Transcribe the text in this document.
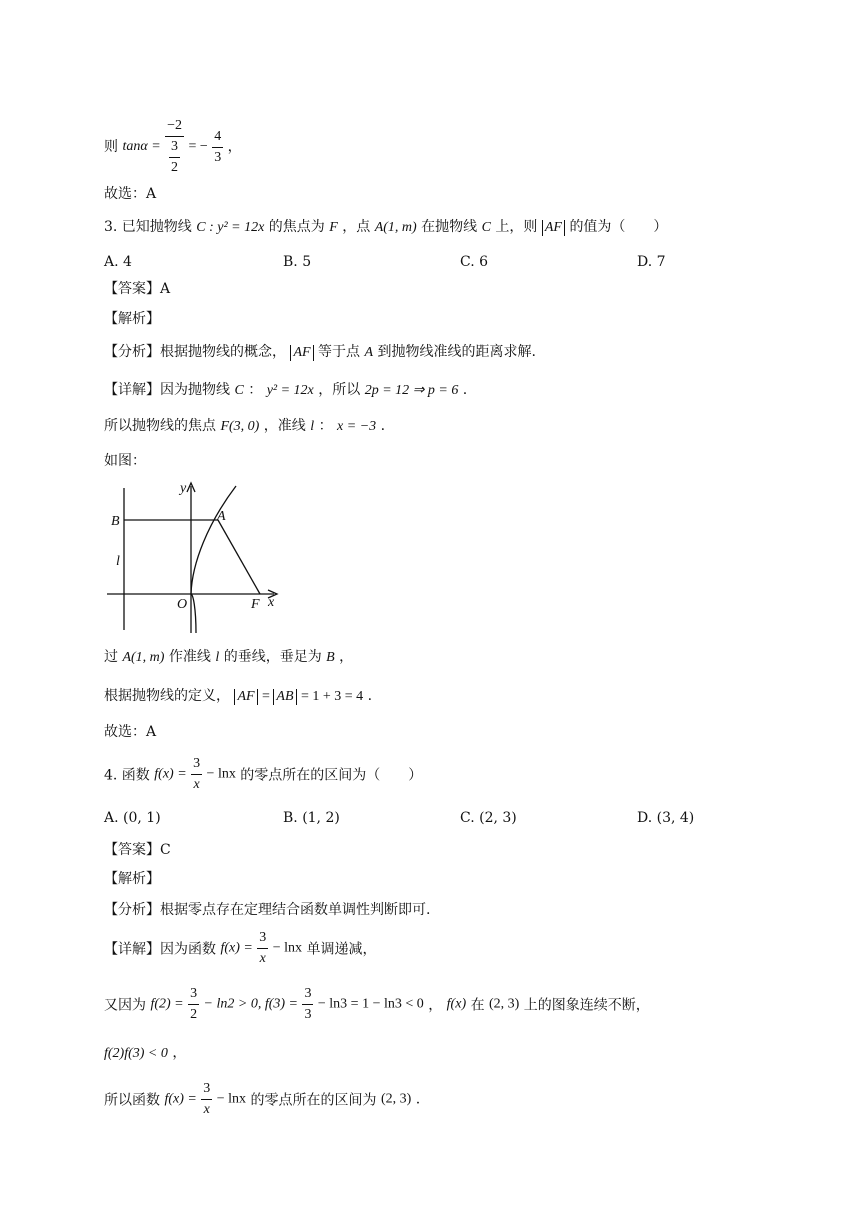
则 $\tan\alpha = \frac{-2}{\frac{3}{2}}$ = − $\frac{4}{3}$ ，
故选：A
3. 已知抛物线 C : y² = 12x 的焦点为 F ，点 A(1, m) 在抛物线 C 上，则 AF 的值为（　　）
A. 4	B. 5	C. 6	D. 7
【答案】A
【解析】
【分析】根据抛物线的概念， AF 等于点 A 到抛物线准线的距离求解.
【详解】因为抛物线 C ： y² = 12x ，所以 2p = 12 ⇒ p = 6 .
所以抛物线的焦点 F(3, 0) ，准线 l ： x = −3 .
如图：
y
B	A
l
O	F x
过 A(1, m) 作准线 l 的垂线，垂足为 B ，
根据抛物线的定义， AF = AB = 1 + 3 = 4 .
故选：A
4. 函数 $f(x) = \frac{3}{x} - \ln x$ 的零点所在的区间为（　　）
A. (0, 1)	B. (1, 2)	C. (2, 3)	D. (3, 4)
【答案】C
【解析】
【分析】根据零点存在定理结合函数单调性判断即可.
【详解】因为函数 $f(x) = \frac{3}{x} - \ln x$ 单调递减，
又因为 $f(2) = \frac{3}{2} - \ln 2 > 0$, $f(3) = \frac{3}{3} - \ln 3 = 1 - \ln 3 < 0$ ， f(x) 在 (2, 3) 上的图象连续不断，
f(2)f(3) < 0 ，
所以函数 $f(x) = \frac{3}{x} - \ln x$ 的零点所在的区间为 (2, 3) .
